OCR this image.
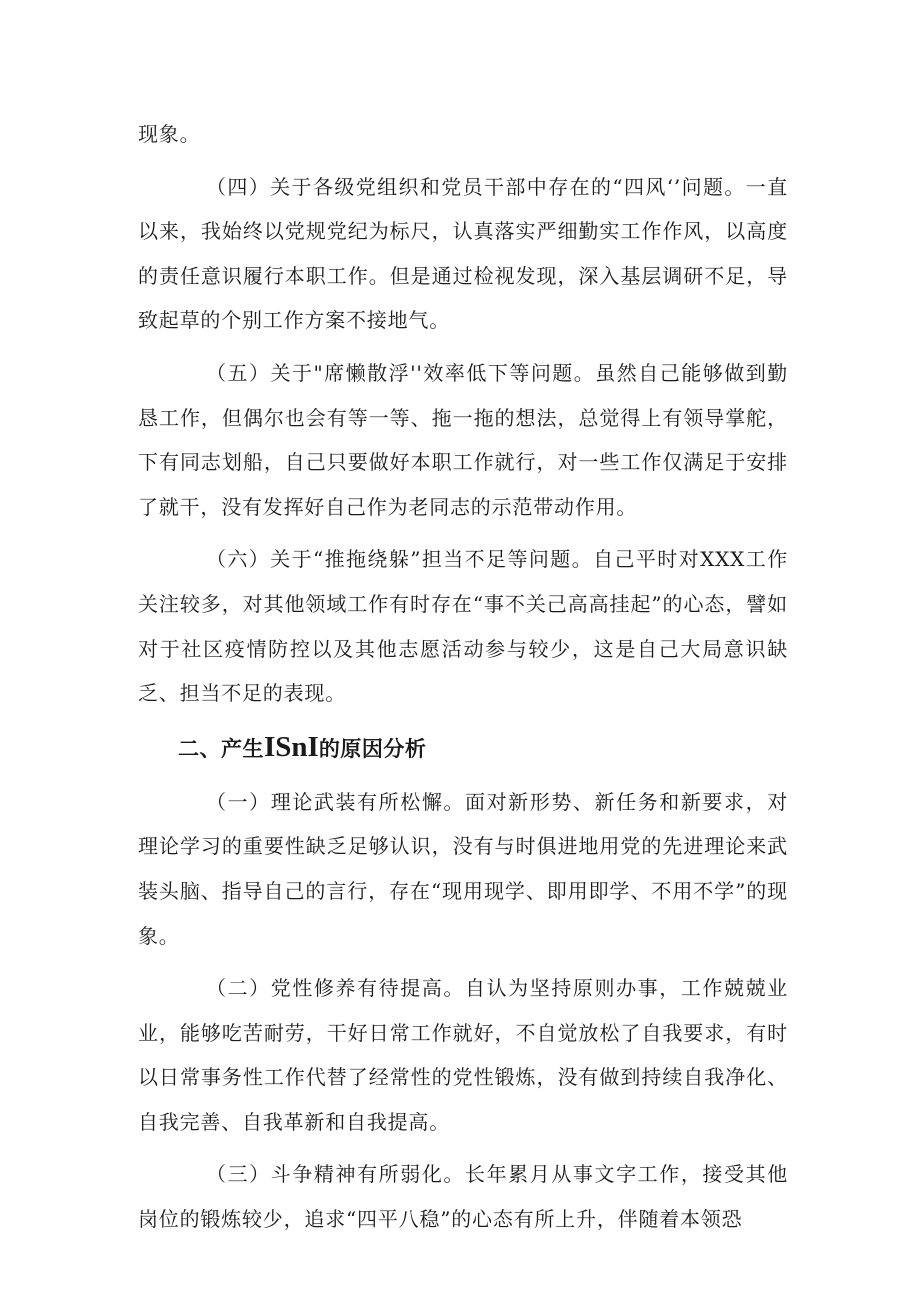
现象。

（四）关于各级党组织和党员干部中存在的“四风‘’问题。一直以来，我始终以党规党纪为标尺，认真落实严细勤实工作作风，以高度的责任意识履行本职工作。但是通过检视发现，深入基层调研不足，导致起草的个别工作方案不接地气。

（五）关于"席懒散浮''效率低下等问题。虽然自己能够做到勤恳工作，但偶尔也会有等一等、拖一拖的想法，总觉得上有领导掌舵，下有同志划船，自己只要做好本职工作就行，对一些工作仅满足于安排了就干，没有发挥好自己作为老同志的示范带动作用。

（六）关于“推拖绕躲”担当不足等问题。自己平时对XXX工作关注较多，对其他领域工作有时存在“事不关己高高挂起”的心态，譬如对于社区疫情防控以及其他志愿活动参与较少，这是自己大局意识缺乏、担当不足的表现。

二、产生ISnI的原因分析

（一）理论武装有所松懈。面对新形势、新任务和新要求，对理论学习的重要性缺乏足够认识，没有与时俱进地用党的先进理论来武装头脑、指导自己的言行，存在“现用现学、即用即学、不用不学”的现象。

（二）党性修养有待提高。自认为坚持原则办事，工作兢兢业业，能够吃苦耐劳，干好日常工作就好，不自觉放松了自我要求，有时以日常事务性工作代替了经常性的党性锻炼，没有做到持续自我净化、自我完善、自我革新和自我提高。

（三）斗争精神有所弱化。长年累月从事文字工作，接受其他岗位的锻炼较少，追求“四平八稳”的心态有所上升，伴随着本领恐
